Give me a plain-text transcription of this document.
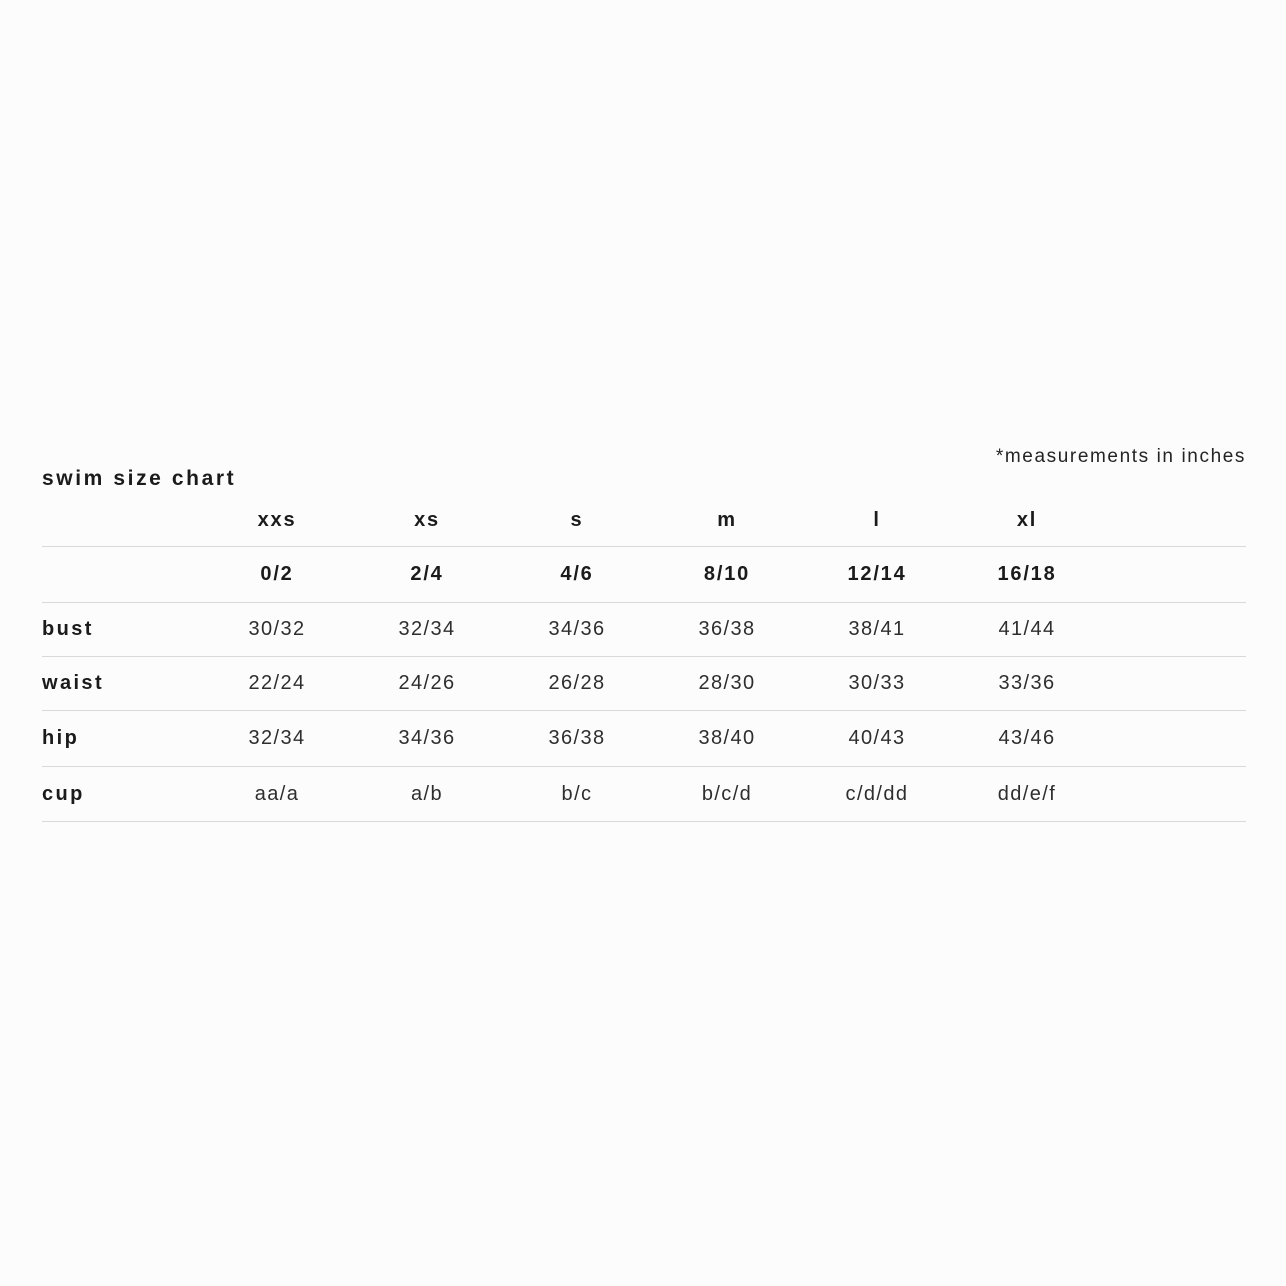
*measurements in inches
swim size chart
	xxs	xs	s	m	l	xl	
	0/2	2/4	4/6	8/10	12/14	16/18	
bust	30/32	32/34	34/36	36/38	38/41	41/44	
waist	22/24	24/26	26/28	28/30	30/33	33/36	
hip	32/34	34/36	36/38	38/40	40/43	43/46	
cup	aa/a	a/b	b/c	b/c/d	c/d/dd	dd/e/f	
